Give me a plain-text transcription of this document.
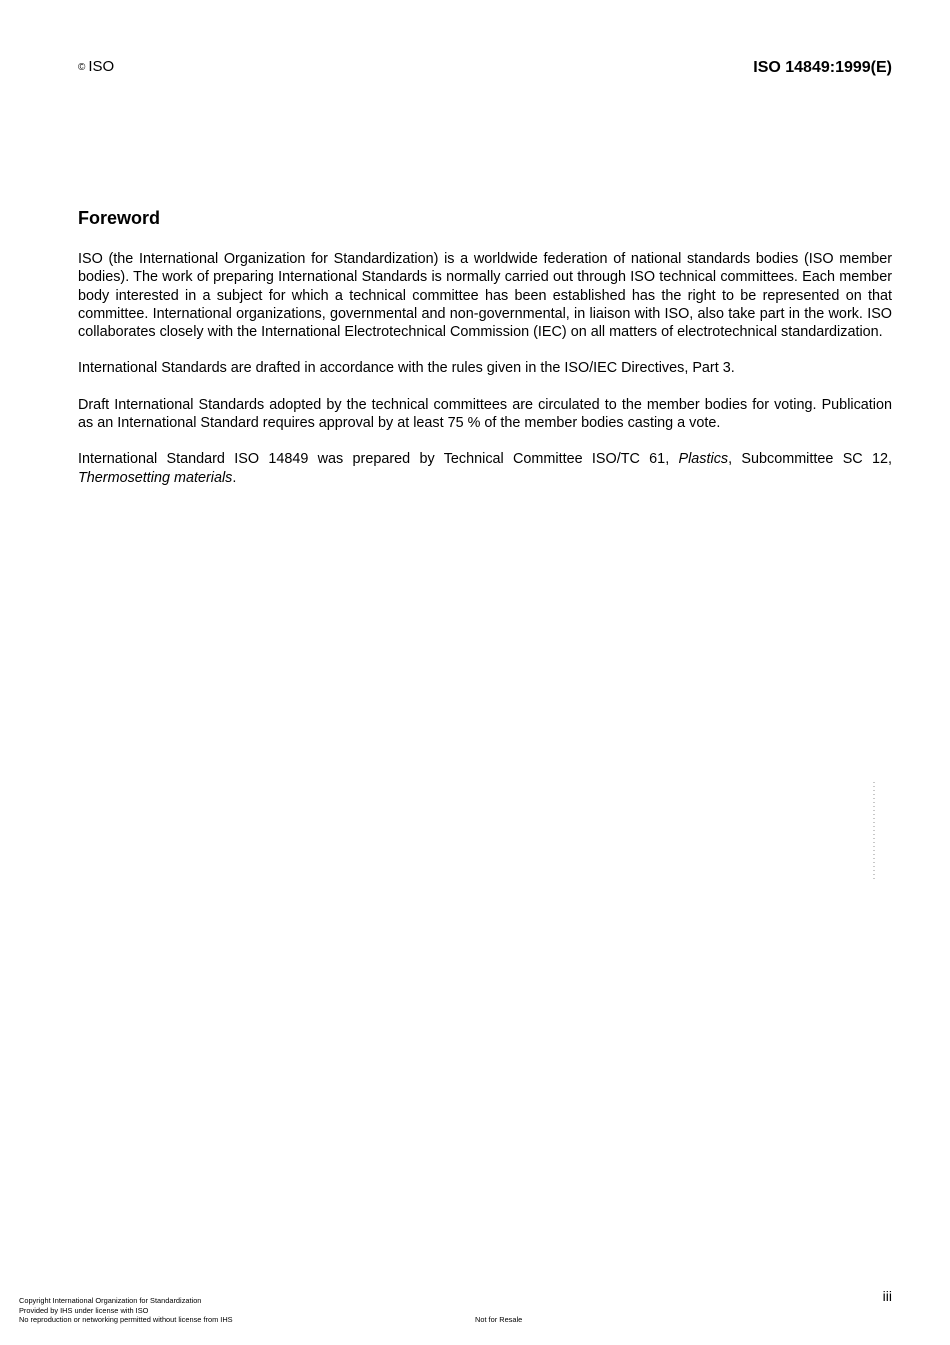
© ISO	ISO 14849:1999(E)
Foreword

ISO (the International Organization for Standardization) is a worldwide federation of national standards bodies (ISO member bodies). The work of preparing International Standards is normally carried out through ISO technical committees. Each member body interested in a subject for which a technical committee has been established has the right to be represented on that committee. International organizations, governmental and non-governmental, in liaison with ISO, also take part in the work. ISO collaborates closely with the International Electrotechnical Commission (IEC) on all matters of electrotechnical standardization.

International Standards are drafted in accordance with the rules given in the ISO/IEC Directives, Part 3.

Draft International Standards adopted by the technical committees are circulated to the member bodies for voting. Publication as an International Standard requires approval by at least 75 % of the member bodies casting a vote.

International Standard ISO 14849 was prepared by Technical Committee ISO/TC 61, Plastics, Subcommittee SC 12, Thermosetting materials.

iii
Copyright International Organization for Standardization
Provided by IHS under license with ISO
No reproduction or networking permitted without license from IHS	Not for Resale
